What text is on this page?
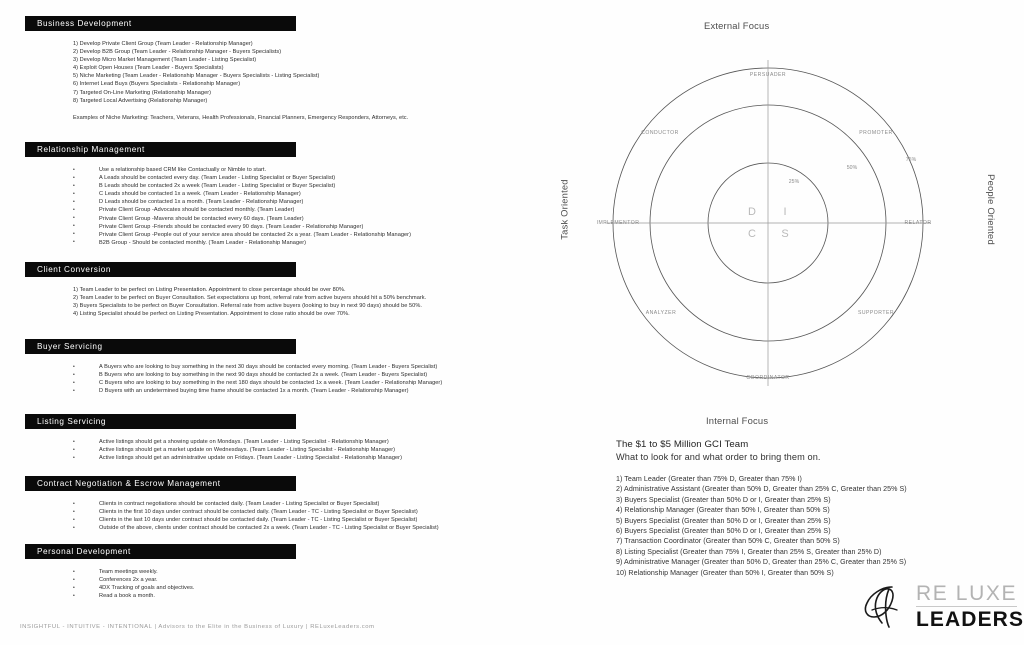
Business Development
1) Develop Private Client Group (Team Leader - Relationship Manager)
2) Develop B2B Group (Team Leader - Relationship Manager - Buyers Specialists)
3) Develop Micro Market Management (Team Leader - Listing Specialist)
4) Exploit Open Houses (Team Leader - Buyers Specialists)
5) Niche Marketing (Team Leader - Relationship Manager - Buyers Specialists - Listing Specialist)
6) Internet Lead Buys (Buyers Specialists - Relationship Manager)
7) Targeted On-Line Marketing (Relationship Manager)
8) Targeted Local Advertising (Relationship Manager)
Examples of Niche Marketing: Teachers, Veterans, Health Professionals, Financial Planners, Emergency Responders, Attorneys, etc.
Relationship Management
• Use a relationship based CRM like Contactually or Nimble to start.
• A Leads should be contacted every day. (Team Leader - Listing Specialist or Buyer Specialist)
• B Leads should be contacted 2x a week (Team Leader - Listing Specialist or Buyer Specialist)
• C Leads should be contacted 1x a week. (Team Leader - Relationship Manager)
• D Leads should be contacted 1x a month. (Team Leader - Relationship Manager)
• Private Client Group -Advocates should be contacted monthly. (Team Leader)
• Private Client Group -Mavens should be contacted every 60 days. (Team Leader)
• Private Client Group -Friends should be contacted every 90 days. (Team Leader - Relationship Manager)
• Private Client Group -People out of your service area should be contacted 2x a year. (Team Leader - Relationship Manager)
• B2B Group - Should be contacted monthly. (Team Leader - Relationship Manager)
Client Conversion
1) Team Leader to be perfect on Listing Presentation. Appointment to close percentage should be over 80%.
2) Team Leader to be perfect on Buyer Consultation. Set expectations up front, referral rate from active buyers should hit a 50% benchmark.
3) Buyers Specialists to be perfect on Buyer Consultation. Referral rate from active buyers (looking to buy in next 90 days) should be 50%.
4) Listing Specialist should be perfect on Listing Presentation. Appointment to close ratio should be over 70%.
Buyer Servicing
• A Buyers who are looking to buy something in the next 30 days should be contacted every morning. (Team Leader - Buyers Specialist)
• B Buyers who are looking to buy something in the next 90 days should be contacted 2x a week. (Team Leader - Buyers Specialist)
• C Buyers who are looking to buy something in the next 180 days should be contacted 1x a week. (Team Leader - Relationship Manager)
• D Buyers with an undetermined buying time frame should be contacted 1x a month. (Team Leader - Relationship Manager)
Listing Servicing
• Active listings should get a showing update on Mondays. (Team Leader - Listing Specialist - Relationship Manager)
• Active listings should get a market update on Wednesdays. (Team Leader - Listing Specialist - Relationship Manager)
• Active listings should get an administrative update on Fridays. (Team Leader - Listing Specialist - Relationship Manager)
Contract Negotiation & Escrow Management
• Clients in contract negotiations should be contacted daily. (Team Leader - Listing Specialist or Buyer Specialist)
• Clients in the first 10 days under contract should be contacted daily. (Team Leader - TC - Listing Specialist or Buyer Specialist)
• Clients in the last 10 days under contract should be contacted daily. (Team Leader - TC - Listing Specialist or Buyer Specialist)
• Outside of the above, clients under contract should be contacted 2x a week. (Team Leader - TC - Listing Specialist or Buyer Specialist)
Personal Development
• Team meetings weekly.
• Conferences 2x a year.
• 4DX Tracking of goals and objectives.
• Read a book a month.
25%
50%
75%
D I
C S
PERSUADER
CONDUCTOR	PROMOTER
IMPLEMENTOR	RELATOR
ANALYZER	SUPPORTER
COORDINATOR
External Focus
Internal Focus
Task Oriented	People Oriented
The $1 to $5 Million GCI Team
What to look for and what order to bring them on.
1) Team Leader (Greater than 75% D, Greater than 75% I)
2) Administrative Assistant (Greater than 50% D, Greater than 25% C, Greater than 25% S)
3) Buyers Specialist (Greater than 50% D or I, Greater than 25% S)
4) Relationship Manager (Greater than 50% I, Greater than 50% S)
5) Buyers Specialist (Greater than 50% D or I, Greater than 25% S)
6) Buyers Specialist (Greater than 50% D or I, Greater than 25% S)
7) Transaction Coordinator (Greater than 50% C, Greater than 50% S)
8) Listing Specialist (Greater than 75% I, Greater than 25% S, Greater than 25% D)
9) Administrative Manager (Greater than 50% D, Greater than 25% C, Greater than 25% S)
10) Relationship Manager (Greater than 50% I, Greater than 50% S)
INSIGHTFUL - INTUITIVE - INTENTIONAL | Advisors to the Elite in the Business of Luxury | RELuxeLeaders.com
RE LUXE
LEADERS
